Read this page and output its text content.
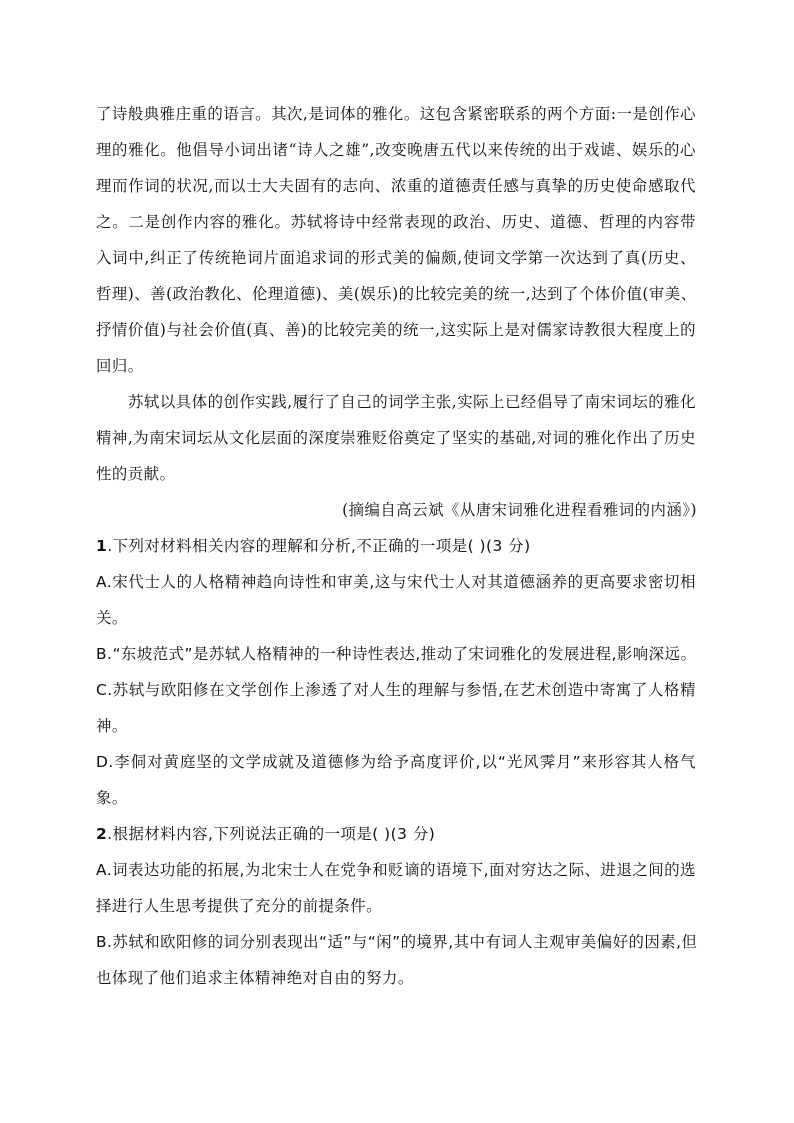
了诗般典雅庄重的语言。其次,是词体的雅化。这包含紧密联系的两个方面:一是创作心
理的雅化。他倡导小词出诸“诗人之雄”,改变晚唐五代以来传统的出于戏谑、娱乐的心
理而作词的状况,而以士大夫固有的志向、浓重的道德责任感与真挚的历史使命感取代
之。二是创作内容的雅化。苏轼将诗中经常表现的政治、历史、道德、哲理的内容带
入词中,纠正了传统艳词片面追求词的形式美的偏颇,使词文学第一次达到了真(历史、
哲理)、善(政治教化、伦理道德)、美(娱乐)的比较完美的统一,达到了个体价值(审美、
抒情价值)与社会价值(真、善)的比较完美的统一,这实际上是对儒家诗教很大程度上的
回归。
苏轼以具体的创作实践,履行了自己的词学主张,实际上已经倡导了南宋词坛的雅化
精神,为南宋词坛从文化层面的深度崇雅贬俗奠定了坚实的基础,对词的雅化作出了历史
性的贡献。
(摘编自高云斌《从唐宋词雅化进程看雅词的内涵》)
1.下列对材料相关内容的理解和分析,不正确的一项是( )(3 分)
A.宋代士人的人格精神趋向诗性和审美,这与宋代士人对其道德涵养的更高要求密切相
关。
B.“东坡范式”是苏轼人格精神的一种诗性表达,推动了宋词雅化的发展进程,影响深远。
C.苏轼与欧阳修在文学创作上渗透了对人生的理解与参悟,在艺术创造中寄寓了人格精
神。
D.李侗对黄庭坚的文学成就及道德修为给予高度评价,以“光风霁月”来形容其人格气
象。
2.根据材料内容,下列说法正确的一项是( )(3 分)
A.词表达功能的拓展,为北宋士人在党争和贬谪的语境下,面对穷达之际、进退之间的选
择进行人生思考提供了充分的前提条件。
B.苏轼和欧阳修的词分别表现出“适”与“闲”的境界,其中有词人主观审美偏好的因素,但
也体现了他们追求主体精神绝对自由的努力。
